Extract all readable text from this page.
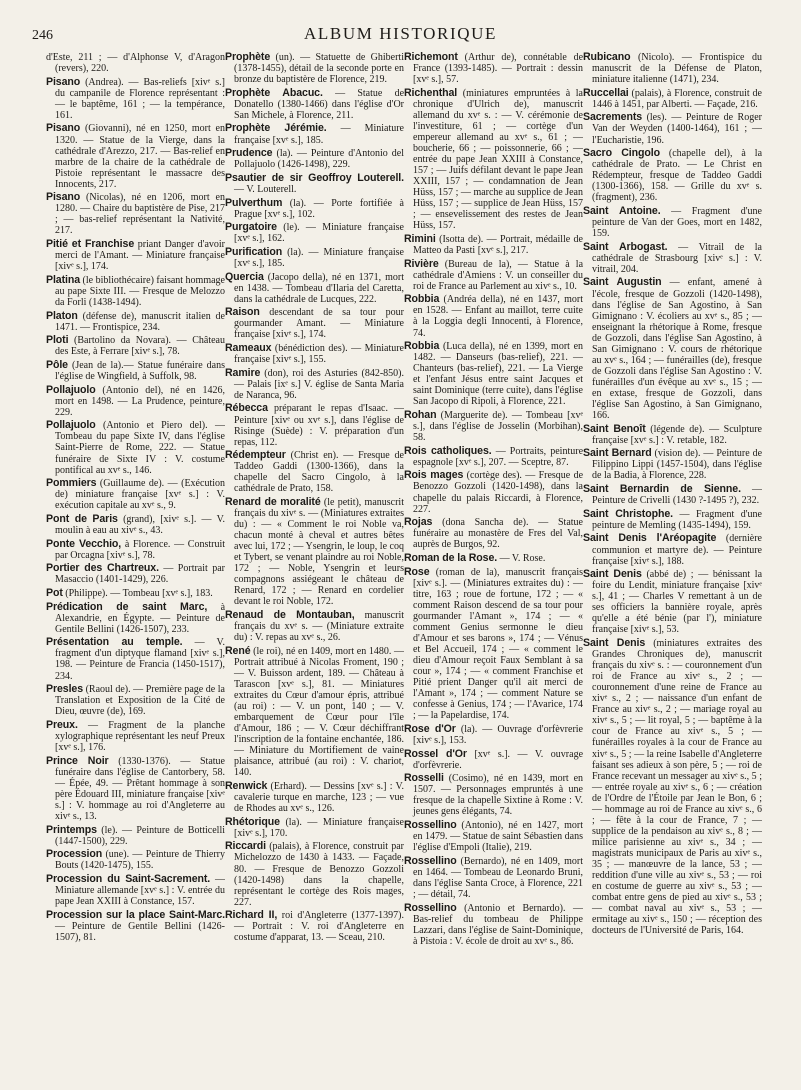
246	ALBUM HISTORIQUE

d'Este, 211 ; — d'Alphonse V, d'Aragon (revers), 220.

Pisano (Andrea). — Bas-reliefs [xivᵉ s.] du campanile de Florence représentant : — le baptême, 161 ; — la tempérance, 161.

Pisano (Giovanni), né en 1250, mort en 1320. — Statue de la Vierge, dans la cathédrale d'Arezzo, 217. — Bas-relief en marbre de la chaire de la cathédrale de Pistoie représentant le massacre des Innocents, 217.

Pisano (Nicolas), né en 1206, mort en 1280. — Chaire du baptistère de Pise, 217 ; — bas-relief représentant la Nativité, 217.

Pitié et Franchise priant Danger d'avoir merci de l'Amant. — Miniature française [xivᵉ s.], 174.

Platina (le bibliothécaire) faisant hommage au pape Sixte III. — Fresque de Melozzo da Forli (1438-1494).

Platon (défense de), manuscrit italien de 1471. — Frontispice, 234.

Ploti (Bartolino da Novara). — Château des Este, à Ferrare [xivᵉ s.], 78.

Pôle (Jean de la).— Statue funéraire dans l'église de Wingfield, à Suffolk, 98.

Pollajuolo (Antonio del), né en 1426, mort en 1498. — La Prudence, peinture, 229.

Pollajuolo (Antonio et Piero del). — Tombeau du pape Sixte IV, dans l'église Saint-Pierre de Rome, 222. — Statue funéraire de Sixte IV : V. costume pontifical au xvᵉ s., 146.

Pommiers (Guillaume de). — (Exécution de) miniature française [xvᵉ s.] : V. exécution capitale au xvᵉ s., 9.

Pont de Paris (grand), [xivᵉ s.]. — V. moulin à eau au xivᵉ s., 43.

Ponte Vecchio, à Florence. — Construit par Orcagna [xivᵉ s.], 78.

Portier des Chartreux. — Portrait par Masaccio (1401-1429), 226.

Pot (Philippe). — Tombeau [xvᵉ s.], 183.

Prédication de saint Marc, à Alexandrie, en Égypte. — Peinture de Gentile Bellini (1426-1507), 233.

Présentation au temple. — V. fragment d'un diptyque flamand [xivᵉ s.], 198. — Peinture de Francia (1450-1517), 234.

Presles (Raoul de). — Première page de la Translation et Exposition de la Cité de Dieu, œuvre (de), 169.

Preux. — Fragment de la planche xylographique représentant les neuf Preux [xvᵉ s.], 176.

Prince Noir (1330-1376). — Statue funéraire dans l'église de Cantorbery, 58. — Épée, 49. — Prêtant hommage à son père Édouard III, miniature française [xivᵉ s.] : V. hommage au roi d'Angleterre au xivᵉ s., 13.

Printemps (le). — Peinture de Botticelli (1447-1500), 229.

Procession (une). — Peinture de Thierry Bouts (1420-1475), 155.

Procession du Saint-Sacrement. — Miniature allemande [xvᵉ s.] : V. entrée du pape Jean XXIII à Constance, 157.

Procession sur la place Saint-Marc. — Peinture de Gentile Bellini (1426-1507), 81.

Prophète (un). — Statuette de Ghiberti (1378-1455), détail de la seconde porte en bronze du baptistère de Florence, 219.

Prophète Abacuc. — Statue de Donatello (1380-1466) dans l'église d'Or San Michele, à Florence, 211.

Prophète Jérémie. — Miniature française [xvᵉ s.], 185.

Prudence (la). — Peinture d'Antonio del Pollajuolo (1426-1498), 229.

Psautier de sir Geoffroy Louterell. — V. Louterell.

Pulverthum (la). — Porte fortifiée à Prague [xvᵉ s.], 102.

Purgatoire (le). — Miniature française [xvᵉ s.], 162.

Purification (la). — Miniature française [xvᵉ s.], 185.

Quercia (Jacopo della), né en 1371, mort en 1438. — Tombeau d'Ilaria del Caretta, dans la cathédrale de Lucques, 222.

Raison descendant de sa tour pour gourmander Amant. — Miniature française [xivᵉ s.], 174.

Rameaux (bénédiction des). — Miniature française [xivᵉ s.], 155.

Ramire (don), roi des Asturies (842-850). — Palais [ixᵉ s.] V. église de Santa Maria de Naranca, 96.

Rébecca préparant le repas d'Isaac. — Peinture [xivᵉ ou xvᵉ s.], dans l'église de Risinge (Suède) : V. préparation d'un repas, 112.

Rédempteur (Christ en). — Fresque de Taddeo Gaddi (1300-1366), dans la chapelle del Sacro Cingolo, à la cathédrale de Prato, 158.

Renard de moralité (le petit), manuscrit français du xivᵉ s. — (Miniatures extraites du) : — « Comment le roi Noble va, chacun monté à cheval et autres bêtes avec lui, 172 ; — Ysengrin, le loup, le coq et Tybert, se venant plaindre au roi Noble, 172 ; — Noble, Ysengrin et leurs compagnons assiégeant le château de Renard, 172 ; — Renard en cordelier devant le roi Noble, 172.

Renaud de Montauban, manuscrit français du xvᵉ s. — (Miniature extraite du) : V. repas au xvᵉ s., 26.

René (le roi), né en 1409, mort en 1480. — Portrait attribué à Nicolas Froment, 190 ; — V. Buisson ardent, 189. — Château à Tarascon [xvᵉ s.], 81. — Miniatures extraites du Cœur d'amour épris, attribué (au roi) : — V. un pont, 140 ; — V. embarquement de Cœur pour l'île d'Amour, 186 ; — V. Cœur déchiffrant l'inscription de la fontaine enchantée, 186. — Miniature du Mortifiement de vaine plaisance, attribué (au roi) : V. chariot, 140.

Renwick (Erhard). — Dessins [xvᵉ s.] : V. cavalerie turque en marche, 123 ; — vue de Rhodes au xvᵉ s., 126.

Rhétorique (la). — Miniature française [xivᵉ s.], 170.

Riccardi (palais), à Florence, construit par Michelozzo de 1430 à 1433. — Façade, 80. — Fresque de Benozzo Gozzoli (1420-1498) dans la chapelle, représentant le cortège des Rois mages, 227.

Richard II, roi d'Angleterre (1377-1397).— Portrait : V. roi d'Angleterre en costume d'apparat, 13. — Sceau, 210.

Richemont (Arthur de), connétable de France (1393-1485). — Portrait : dessin [xvᵉ s.], 57.

Richenthal (miniatures empruntées à la chronique d'Ulrich de), manuscrit allemand du xvᵉ s. : — V. cérémonie de l'investiture, 61 ; — cortège d'un empereur allemand au xvᵉ s., 61 ; — boucherie, 66 ; — poissonnerie, 66 ; — entrée du pape Jean XXIII à Constance, 157 ; — Juifs défilant devant le pape Jean XXIII, 157 ; — condamnation de Jean Hüss, 157 ; — marche au supplice de Jean Hüss, 157 ; — supplice de Jean Hüss, 157 ; — ensevelissement des restes de Jean Hüss, 157.

Rimini (Isotta de). — Portrait, médaille de Matteo da Pasti [xvᵉ s.], 217.

Rivière (Bureau de la), — Statue à la cathédrale d'Amiens : V. un conseiller du roi de France au Parlement au xivᵉ s., 10.

Robbia (Andréa della), né en 1437, mort en 1528. — Enfant au maillot, terre cuite à la Loggia degli Innocenti, à Florence, 74.

Robbia (Luca della), né en 1399, mort en 1482. — Danseurs (bas-relief), 221. — Chanteurs (bas-relief), 221. — La Vierge et l'enfant Jésus entre saint Jacques et saint Dominique (terre cuite), dans l'église San Jacopo di Ripoli, à Florence, 221.

Rohan (Marguerite de). — Tombeau [xvᵉ s.], dans l'église de Josselin (Morbihan), 58.

Rois catholiques. — Portraits, peinture espagnole [xvᵉ s.], 207. — Sceptre, 87.

Rois mages (cortège des). — Fresque de Benozzo Gozzoli (1420-1498), dans la chapelle du palais Riccardi, à Florence, 227.

Rojas (dona Sancha de). — Statue funéraire au monastère de Fres del Val, auprès de Burgos, 92.

Roman de la Rose. — V. Rose.

Rose (roman de la), manuscrit français [xivᵉ s.]. — (Miniatures extraites du) : — titre, 163 ; roue de fortune, 172 ; — « comment Raison descend de sa tour pour gourmander l'Amant », 174 ; — « comment Genius sermonne le dieu d'Amour et ses barons », 174 ; — Vénus et Bel Accueil, 174 ; — « comment le dieu d'Amour reçoit Faux Semblant à sa cour », 174 ; — « comment Franchise et Pitié prient Danger qu'il ait merci de l'Amant », 174 ; — comment Nature se confesse à Genius, 174 ; — l'Avarice, 174 ; — la Papelardise, 174.

Rose d'Or (la). — Ouvrage d'orfèvrerie [xivᵉ s.], 153.

Rossel d'Or [xvᵉ s.]. — V. ouvrage d'orfèvrerie.

Rosselli (Cosimo), né en 1439, mort en 1507. — Personnages empruntés à une fresque de la chapelle Sixtine à Rome : V. jeunes gens élégants, 74.

Rossellino (Antonio), né en 1427, mort en 1479. — Statue de saint Sébastien dans l'église d'Empoli (Italie), 219.

Rossellino (Bernardo), né en 1409, mort en 1464. — Tombeau de Leonardo Bruni, dans l'église Santa Croce, à Florence, 221 ; — détail, 74.

Rossellino (Antonio et Bernardo). — Bas-relief du tombeau de Philippe Lazzari, dans l'église de Saint-Dominique, à Pistoia : V. école de droit au xvᵉ s., 86.

Rubicano (Nicolo). — Frontispice du manuscrit de la Défense de Platon, miniature italienne (1471), 234.

Ruccellai (palais), à Florence, construit de 1446 à 1451, par Alberti. — Façade, 216.

Sacrements (les). — Peinture de Roger Van der Weyden (1400-1464), 161 ; — l'Eucharistie, 196.

Sacro Cingolo (chapelle del), à la cathédrale de Prato. — Le Christ en Rédempteur, fresque de Taddeo Gaddi (1300-1366), 158. — Grille du xvᵉ s. (fragment), 236.

Saint Antoine. — Fragment d'une peinture de Van der Goes, mort en 1482, 159.

Saint Arbogast. — Vitrail de la cathédrale de Strasbourg [xivᵉ s.] : V. vitrail, 204.

Saint Augustin — enfant, amené à l'école, fresque de Gozzoli (1420-1498), dans l'église de San Agostino, à San Gimignano : V. écoliers au xvᵉ s., 85 ; — enseignant la rhétorique à Rome, fresque de Gozzoli, dans l'église San Agostino, à San Gimignano : V. cours de rhétorique au xvᵉ s., 164 ; — funérailles (de), fresque de Gozzoli dans l'église San Agostino : V. funérailles d'un évêque au xvᵉ s., 15 ; — en extase, fresque de Gozzoli, dans l'église San Agostino, à San Gimignano, 166.

Saint Benoît (légende de). — Sculpture française [xvᵉ s.] : V. retable, 182.

Saint Bernard (vision de). — Peinture de Filippino Lippi (1457-1504), dans l'église de la Badia, à Florence, 228.

Saint Bernardin de Sienne. — Peinture de Crivelli (1430 ?-1495 ?), 232.

Saint Christophe. — Fragment d'une peinture de Memling (1435-1494), 159.

Saint Denis l'Aréopagite (dernière communion et martyre de). — Peinture française [xivᵉ s.], 188.

Saint Denis (abbé de) ; — bénissant la foire du Lendit, miniature française [xivᵉ s.], 41 ; — Charles V remettant à un de ses officiers la bannière royale, après qu'elle a été bénie (par l'), miniature française [xivᵉ s.], 53.

Saint Denis (miniatures extraites des Grandes Chroniques de), manuscrit français du xivᵉ s. : — couronnement d'un roi de France au xivᵉ s., 2 ; — couronnement d'une reine de France au xivᵉ s., 2 ; — naissance d'un enfant de France au xivᵉ s., 2 ; — mariage royal au xivᵉ s., 5 ; — lit royal, 5 ; — baptême à la cour de France au xivᵉ s., 5 ; — funérailles royales à la cour de France au xivᵉ s., 5 ; — la reine Isabelle d'Angleterre faisant ses adieux à son père, 5 ; — roi de France recevant un messager au xivᵉ s., 5 ; — entrée royale au xivᵉ s., 6 ; — création de l'Ordre de l'Étoile par Jean le Bon, 6 ; — hommage au roi de France au xivᵉ s., 6 ; — fête à la cour de France, 7 ; — supplice de la pendaison au xivᵉ s., 8 ; — milice parisienne au xivᵉ s., 34 ; — magistrats municipaux de Paris au xivᵉ s., 35 ; — manœuvre de la lance, 53 ; — reddition d'une ville au xivᵉ s., 53 ; — roi en costume de guerre au xivᵉ s., 53 ; — combat entre gens de pied au xivᵉ s., 53 ; — combat naval au xivᵉ s., 53 ; — ermitage au xivᵉ s., 150 ; — réception des docteurs de l'Université de Paris, 164.
